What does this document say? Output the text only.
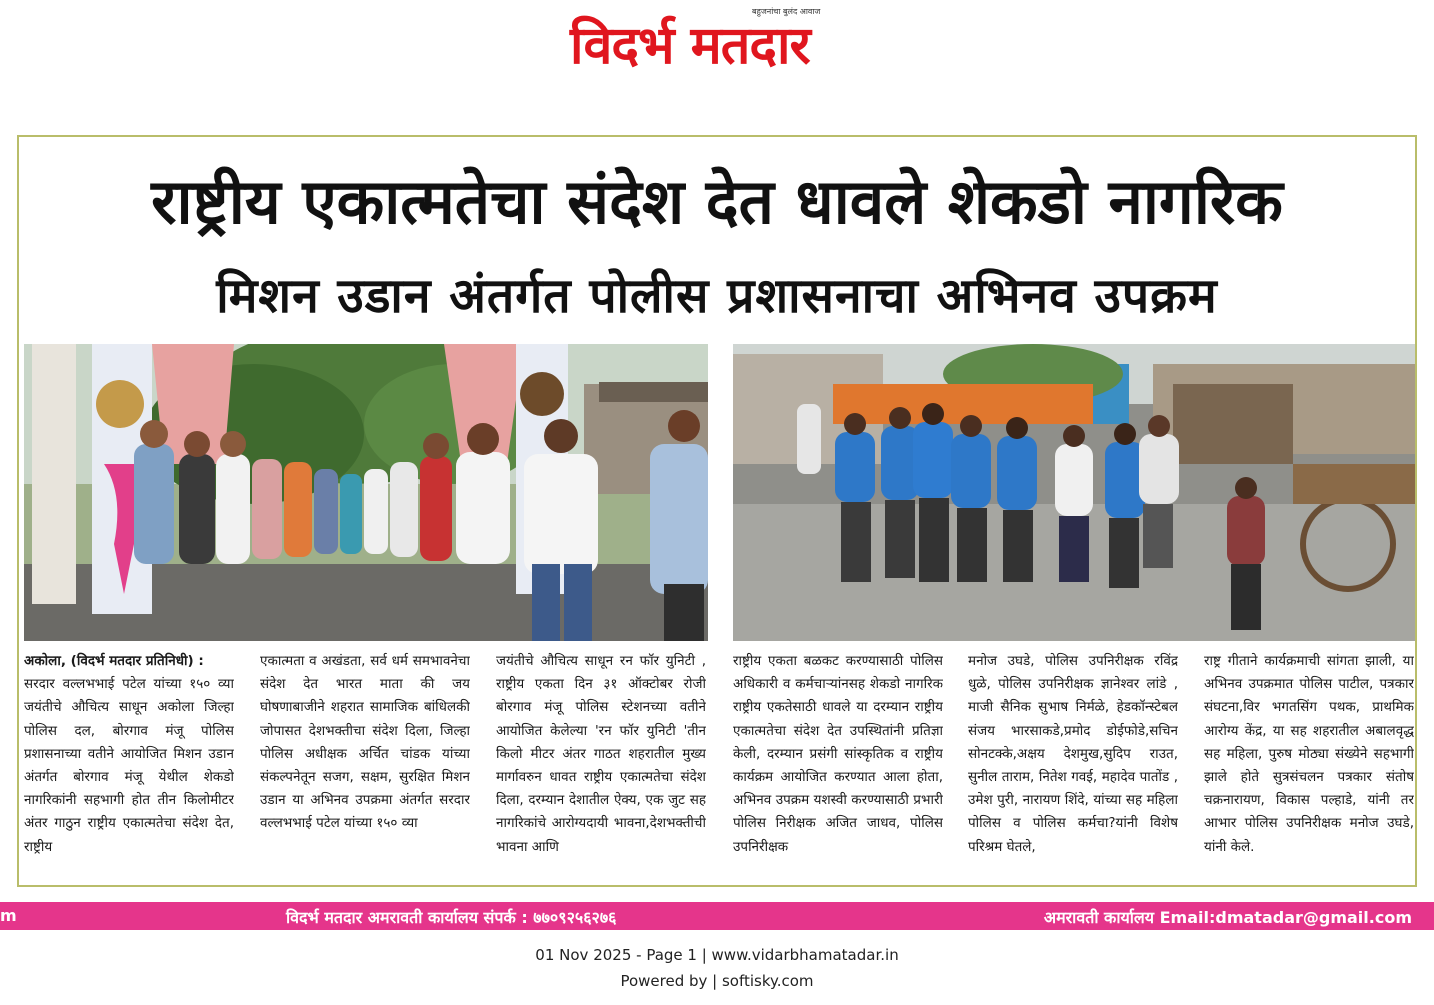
विदर्भ मतदार
बहुजनांचा बुलंद आवाज
राष्ट्रीय एकात्मतेचा संदेश देत धावले शेकडो नागरिक
मिशन उडान अंतर्गत पोलीस प्रशासनाचा अभिनव उपक्रम

अकोला, (विदर्भ मतदार प्रतिनिधी) :

सरदार वल्लभभाई पटेल यांच्या १५० व्या जयंतीचे औचित्य साधून अकोला जिल्हा पोलिस दल, बोरगाव मंजू पोलिस प्रशासनाच्या वतीने आयोजित मिशन उडान अंतर्गत बोरगाव मंजू येथील शेकडो नागरिकांनी सहभागी होत तीन किलोमीटर अंतर गाठुन राष्ट्रीय एकात्मतेचा संदेश देत, राष्ट्रीय

एकात्मता व अखंडता, सर्व धर्म समभावनेचा संदेश देत भारत माता की जय घोषणाबाजीने शहरात सामाजिक बांधिलकी जोपासत देशभक्तीचा संदेश दिला, जिल्हा पोलिस अधीक्षक अर्चित चांडक यांच्या संकल्पनेतून सजग, सक्षम, सुरक्षित मिशन उडान या अभिनव उपक्रमा अंतर्गत सरदार वल्लभभाई पटेल यांच्या १५० व्या

जयंतीचे औचित्य साधून रन फॉर युनिटी , राष्ट्रीय एकता दिन ३१ ऑक्टोबर रोजी बोरगाव मंजू पोलिस स्टेशनच्या वतीने आयोजित केलेल्या 'रन फॉर युनिटी 'तीन किलो मीटर अंतर गाठत शहरातील मुख्य मार्गावरुन धावत राष्ट्रीय एकात्मतेचा संदेश दिला, दरम्यान देशातील ऐक्य, एक जुट सह नागरिकांचे आरोग्यदायी भावना,देशभक्तीची भावना आणि

राष्ट्रीय एकता बळकट करण्यासाठी पोलिस अधिकारी व कर्मचाऱ्यांनसह शेकडो नागरिक राष्ट्रीय एकतेसाठी धावले या दरम्यान राष्ट्रीय एकात्मतेचा संदेश देत उपस्थितांनी प्रतिज्ञा केली, दरम्यान प्रसंगी सांस्कृतिक व राष्ट्रीय कार्यक्रम आयोजित करण्यात आला होता, अभिनव उपक्रम यशस्वी करण्यासाठी प्रभारी पोलिस निरीक्षक अजित जाधव, पोलिस उपनिरीक्षक

मनोज उघडे, पोलिस उपनिरीक्षक रविंद्र धुळे, पोलिस उपनिरीक्षक ज्ञानेश्वर लांडे , माजी सैनिक सुभाष निर्मळे, हेडकॉन्स्टेबल संजय भारसाकडे,प्रमोद डोईफोडे,सचिन सोनटक्के,अक्षय देशमुख,सुदिप राउत, सुनील ताराम, नितेश गवई, महादेव पातोंड , उमेश पुरी, नारायण शिंदे, यांच्या सह महिला पोलिस व पोलिस कर्मचा?यांनी विशेष परिश्रम घेतले,

राष्ट्र गीताने कार्यक्रमाची सांगता झाली, या अभिनव उपक्रमात पोलिस पाटील, पत्रकार संघटना,विर भगतसिंग पथक, प्राथमिक आरोग्य केंद्र, या सह शहरातील अबालवृद्ध सह महिला, पुरुष मोठ्या संख्येने सहभागी झाले होते सुत्रसंचलन पत्रकार संतोष चक्रनारायण, विकास पल्हाडे, यांनी तर आभार पोलिस उपनिरीक्षक मनोज उघडे, यांनी केले.

m	विदर्भ मतदार अमरावती कार्यालय संपर्क : ७७०९२५६२७६	अमरावती कार्यालय Email:dmatadar@gmail.com
01 Nov 2025 - Page 1 | www.vidarbhamatadar.in
Powered by | softisky.com
